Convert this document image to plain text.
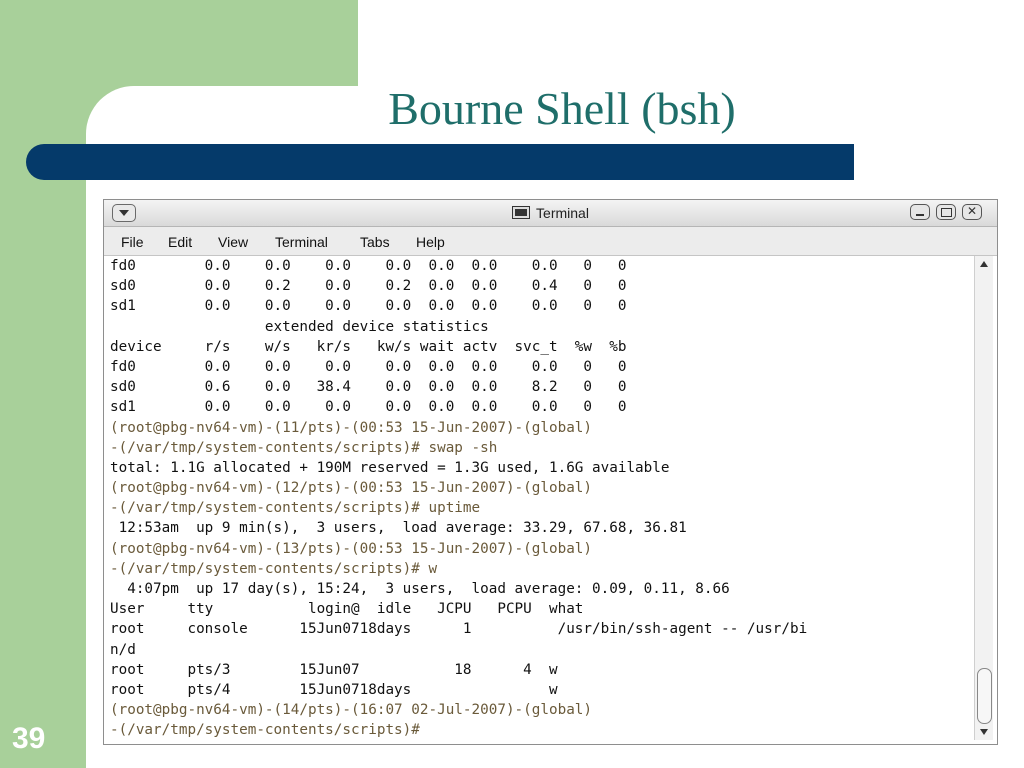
Bourne Shell (bsh)
Terminal
✕
File Edit View Terminal Tabs Help
fd0        0.0    0.0    0.0    0.0  0.0  0.0    0.0   0   0
sd0        0.0    0.2    0.0    0.2  0.0  0.0    0.4   0   0
sd1        0.0    0.0    0.0    0.0  0.0  0.0    0.0   0   0
extended device statistics
device     r/s    w/s   kr/s   kw/s wait actv  svc_t  %w  %b
fd0        0.0    0.0    0.0    0.0  0.0  0.0    0.0   0   0
sd0        0.6    0.0   38.4    0.0  0.0  0.0    8.2   0   0
sd1        0.0    0.0    0.0    0.0  0.0  0.0    0.0   0   0
(root@pbg-nv64-vm)-(11/pts)-(00:53 15-Jun-2007)-(global)
-(/var/tmp/system-contents/scripts)# swap -sh
total: 1.1G allocated + 190M reserved = 1.3G used, 1.6G available
(root@pbg-nv64-vm)-(12/pts)-(00:53 15-Jun-2007)-(global)
-(/var/tmp/system-contents/scripts)# uptime
12:53am  up 9 min(s),  3 users,  load average: 33.29, 67.68, 36.81
(root@pbg-nv64-vm)-(13/pts)-(00:53 15-Jun-2007)-(global)
-(/var/tmp/system-contents/scripts)# w
4:07pm  up 17 day(s), 15:24,  3 users,  load average: 0.09, 0.11, 8.66
User     tty           login@  idle   JCPU   PCPU  what
root     console      15Jun0718days      1          /usr/bin/ssh-agent -- /usr/bi
n/d
root     pts/3        15Jun07           18      4  w
root     pts/4        15Jun0718days                w
(root@pbg-nv64-vm)-(14/pts)-(16:07 02-Jul-2007)-(global)
-(/var/tmp/system-contents/scripts)#
39
